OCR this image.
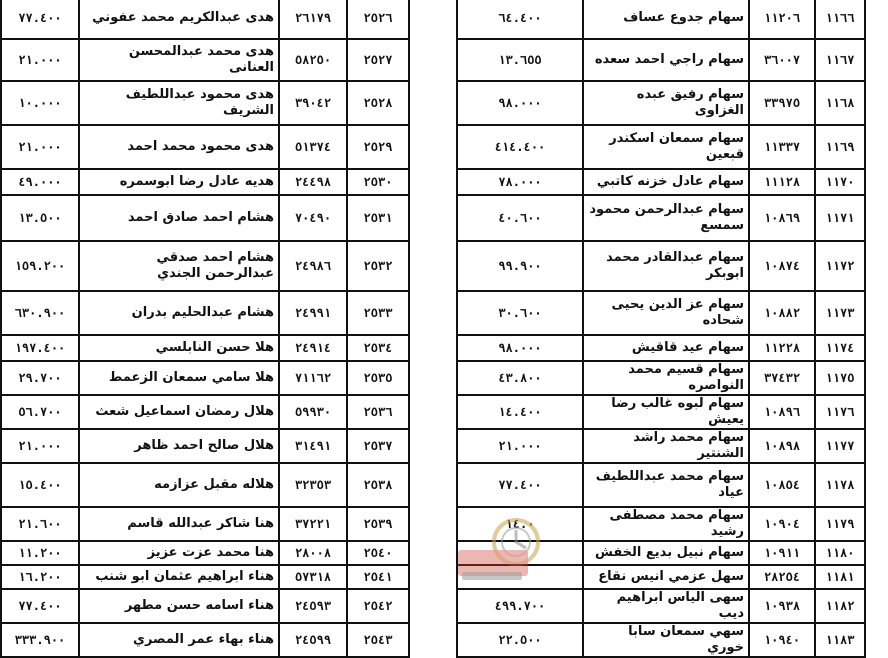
٧٧.٤٠٠	هدى عبدالكريم محمد عفوني	٢٦١٧٩	٢٥٢٦		٦٤.٤٠٠	سهام جدوع عساف	١١٢٠٦	١١٦٦	
٢١.٠٠٠	هدى محمد عبدالمحسن العنانى	٥٨٢٥٠	٢٥٢٧		١٣.٦٥٥	سهام راجي احمد سعده	٣٦٠٠٧	١١٦٧	
١٠.٠٠٠	هدى محمود عبداللطيف الشريف	٣٩٠٤٢	٢٥٢٨		٩٨.٠٠٠	سهام رفيق عبده الغزاوى	٣٣٩٧٥	١١٦٨	
٢١.٠٠٠	هدى محمود محمد احمد	٥١٣٧٤	٢٥٢٩		٤١٤.٤٠٠	سهام سمعان اسكندر قبعين	١١٣٣٧	١١٦٩	
٤٩.٠٠٠	هديه عادل رضا ابوسمره	٢٤٤٩٨	٢٥٣٠		٧٨.٠٠٠	سهام عادل خزنه كاتبي	١١١٢٨	١١٧٠	
١٣.٥٠٠	هشام احمد صادق احمد	٧٠٤٩٠	٢٥٣١		٤٠.٦٠٠	سهام عبدالرحمن محمود سمسع	١٠٨٦٩	١١٧١	
١٥٩.٢٠٠	هشام احمد صدقي عبدالرحمن الجندي	٢٤٩٨٦	٢٥٣٢		٩٩.٩٠٠	سهام عبدالقادر محمد ابوبكر	١٠٨٧٤	١١٧٢	
٦٣٠.٩٠٠	هشام عبدالحليم بدران	٢٤٩٩١	٢٥٣٣		٣٠.٦٠٠	سهام عز الدين يحيى شحاده	١٠٨٨٢	١١٧٣	
١٩٧.٤٠٠	هلا حسن النابلسي	٢٤٩١٤	٢٥٣٤		٩٨.٠٠٠	سهام عيد قاقيش	١١٢٢٨	١١٧٤	
٢٩.٧٠٠	هلا سامي سمعان الزعمط	٧١١٦٢	٢٥٣٥		٤٣.٨٠٠	سهام قسيم محمد النواصره	٣٧٤٣٢	١١٧٥	
٥٦.٧٠٠	هلال رمضان اسماعيل شعث	٥٩٩٣٠	٢٥٣٦		١٤.٤٠٠	سهام لبوه غالب رضا يعيش	١٠٨٩٦	١١٧٦	
٢١.٠٠٠	هلال صالح احمد ظاهر	٣١٤٩١	٢٥٣٧		٢١.٠٠٠	سهام محمد راشد الشنتير	١٠٨٩٨	١١٧٧	
١٥.٤٠٠	هلاله مقبل عزازمه	٣٢٣٥٣	٢٥٣٨		٧٧.٤٠٠	سهام محمد عبداللطيف عياد	١٠٨٥٤	١١٧٨	
٢١.٦٠٠	هنا شاكر عبدالله قاسم	٣٧٢٢١	٢٥٣٩		١٤.٠	سهام محمد مصطفى رشيد	١٠٩٠٤	١١٧٩	
١١.٢٠٠	هنا محمد عزت عزيز	٢٨٠٠٨	٢٥٤٠			سهام نبيل بديع الخفش	١٠٩١١	١١٨٠	
١٦.٢٠٠	هناء ابراهيم عثمان ابو شنب	٥٧٣١٨	٢٥٤١			سهل عزمي انيس نقاع	٢٨٢٥٤	١١٨١	
٧٧.٤٠٠	هناء اسامه حسن مطهر	٢٤٥٩٣	٢٥٤٢		٤٩٩.٧٠٠	سهى الياس ابراهيم ديب	١٠٩٣٨	١١٨٢	
٣٣٣.٩٠٠	هناء بهاء عمر المصري	٢٤٥٩٩	٢٥٤٣		٢٢.٥٠٠	سهي سمعان سابا خوري	١٠٩٤٠	١١٨٣	
